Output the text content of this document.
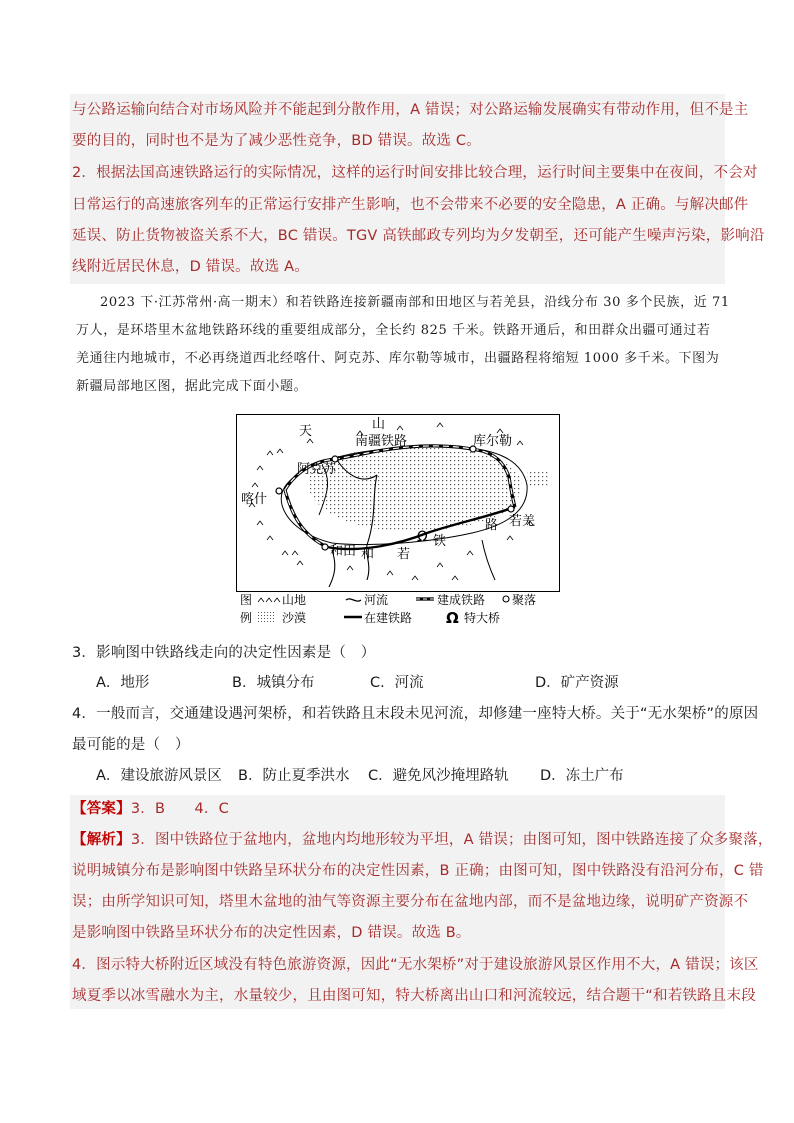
与公路运输向结合对市场风险并不能起到分散作用，A 错误；对公路运输发展确实有带动作用，但不是主
要的目的，同时也不是为了减少恶性竞争，BD 错误。故选 C。
2．根据法国高速铁路运行的实际情况，这样的运行时间安排比较合理，运行时间主要集中在夜间，不会对
日常运行的高速旅客列车的正常运行安排产生影响，也不会带来不必要的安全隐患，A 正确。与解决邮件
延误、防止货物被盗关系不大，BC 错误。TGV 高铁邮政专列均为夕发朝至，还可能产生噪声污染，影响沿
线附近居民休息，D 错误。故选 A。
2023 下·江苏常州·高一期末）和若铁路连接新疆南部和田地区与若羌县，沿线分布 30 多个民族，近 71
万人，是环塔里木盆地铁路环线的重要组成部分，全长约 825 千米。铁路开通后，和田群众出疆可通过若
羌通往内地城市，不必再绕道西北经喀什、阿克苏、库尔勒等城市，出疆路程将缩短 1000 多千米。下图为
新疆局部地区图，据此完成下面小题。
Ω
天	山
南疆铁路	库尔勒
阿克苏
喀什
和田 和 若
铁
路 若羌
图
例
山地	河流	建成铁路 聚落
沙漠	在建铁路 Ω 特大桥
3．影响图中铁路线走向的决定性因素是（　）
A．地形	B．城镇分布	C．河流	D．矿产资源
4．一般而言，交通建设遇河架桥，和若铁路且末段未见河流，却修建一座特大桥。关于“无水架桥”的原因
最可能的是（　）
A．建设旅游风景区 B．防止夏季洪水 C．避免风沙掩埋路轨 D．冻土广布
【答案】3．B　　4．C
【解析】3．图中铁路位于盆地内，盆地内均地形较为平坦，A 错误；由图可知，图中铁路连接了众多聚落，
说明城镇分布是影响图中铁路呈环状分布的决定性因素，B 正确；由图可知，图中铁路没有沿河分布，C 错
误；由所学知识可知，塔里木盆地的油气等资源主要分布在盆地内部，而不是盆地边缘，说明矿产资源不
是影响图中铁路呈环状分布的决定性因素，D 错误。故选 B。
4．图示特大桥附近区域没有特色旅游资源，因此“无水架桥”对于建设旅游风景区作用不大，A 错误；该区
域夏季以冰雪融水为主，水量较少，且由图可知，特大桥离出山口和河流较远，结合题干“和若铁路且末段
